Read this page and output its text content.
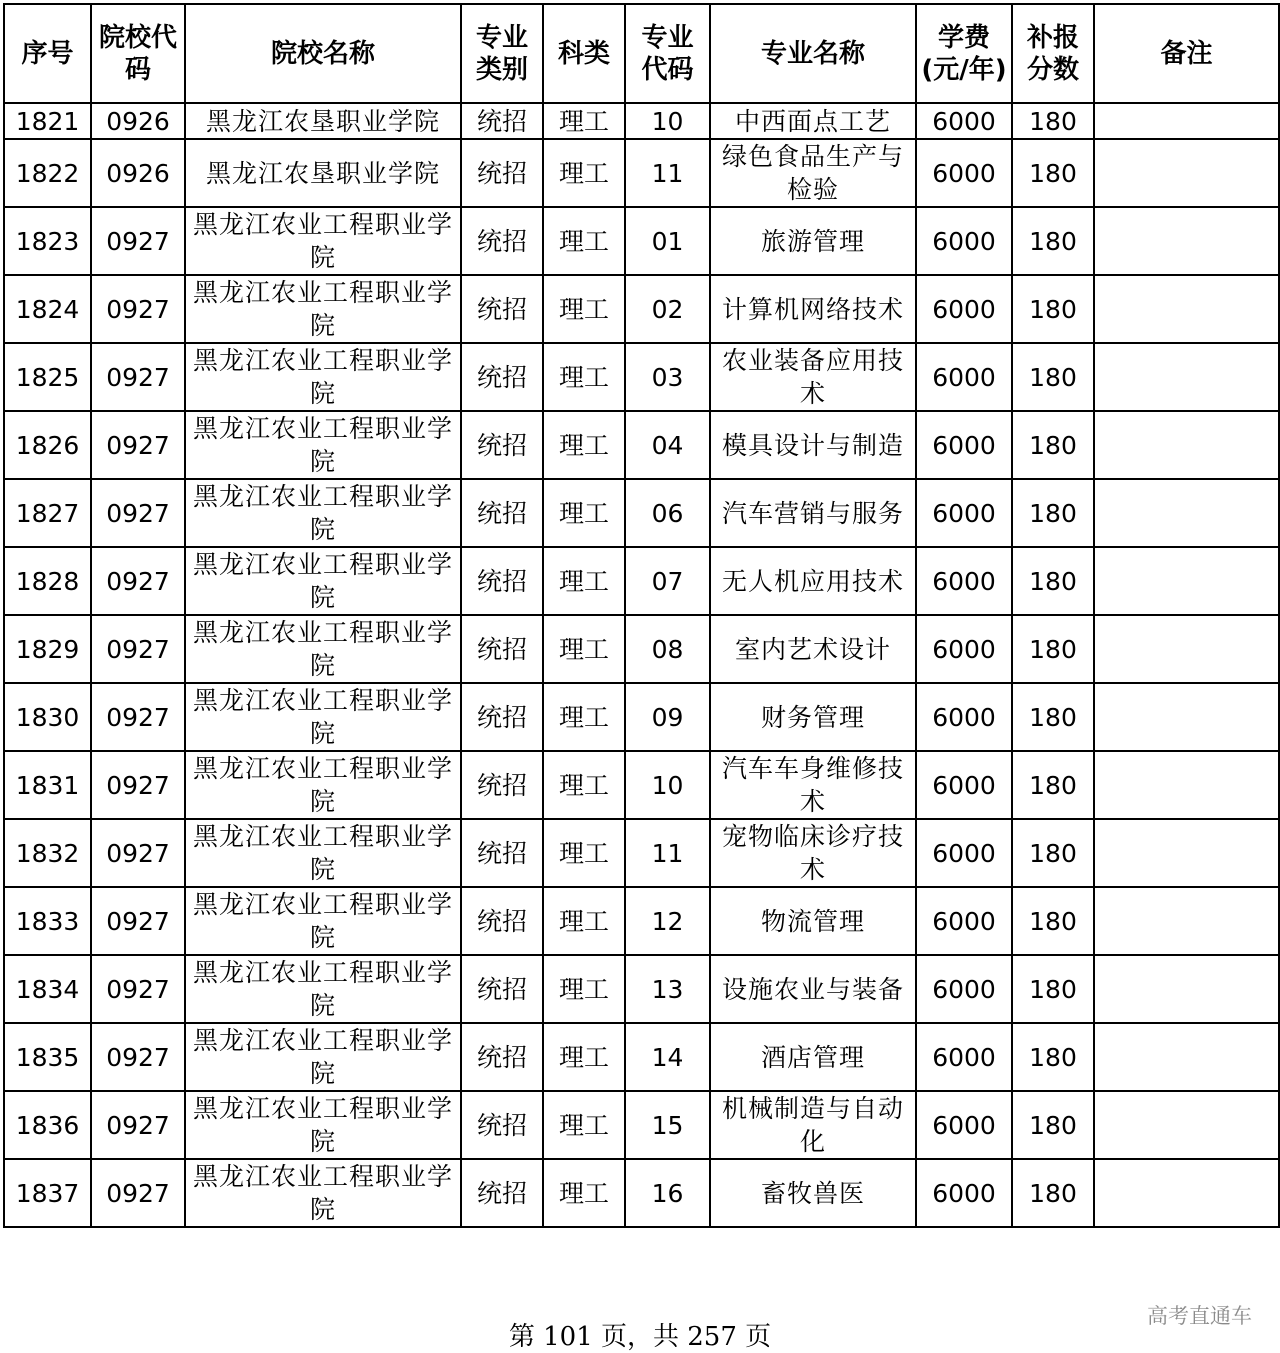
序号	院校代码	院校名称	专业类别	科类	专业代码	专业名称	学费(元/年)	补报分数	备注
1821	0926	黑龙江农垦职业学院	统招	理工	10	中西面点工艺	6000	180	
1822	0926	黑龙江农垦职业学院	统招	理工	11	绿色食品生产与检验	6000	180	
1823	0927	黑龙江农业工程职业学院	统招	理工	01	旅游管理	6000	180	
1824	0927	黑龙江农业工程职业学院	统招	理工	02	计算机网络技术	6000	180	
1825	0927	黑龙江农业工程职业学院	统招	理工	03	农业装备应用技术	6000	180	
1826	0927	黑龙江农业工程职业学院	统招	理工	04	模具设计与制造	6000	180	
1827	0927	黑龙江农业工程职业学院	统招	理工	06	汽车营销与服务	6000	180	
1828	0927	黑龙江农业工程职业学院	统招	理工	07	无人机应用技术	6000	180	
1829	0927	黑龙江农业工程职业学院	统招	理工	08	室内艺术设计	6000	180	
1830	0927	黑龙江农业工程职业学院	统招	理工	09	财务管理	6000	180	
1831	0927	黑龙江农业工程职业学院	统招	理工	10	汽车车身维修技术	6000	180	
1832	0927	黑龙江农业工程职业学院	统招	理工	11	宠物临床诊疗技术	6000	180	
1833	0927	黑龙江农业工程职业学院	统招	理工	12	物流管理	6000	180	
1834	0927	黑龙江农业工程职业学院	统招	理工	13	设施农业与装备	6000	180	
1835	0927	黑龙江农业工程职业学院	统招	理工	14	酒店管理	6000	180	
1836	0927	黑龙江农业工程职业学院	统招	理工	15	机械制造与自动化	6000	180	
1837	0927	黑龙江农业工程职业学院	统招	理工	16	畜牧兽医	6000	180	
第 101 页，共 257 页
高考直通车
